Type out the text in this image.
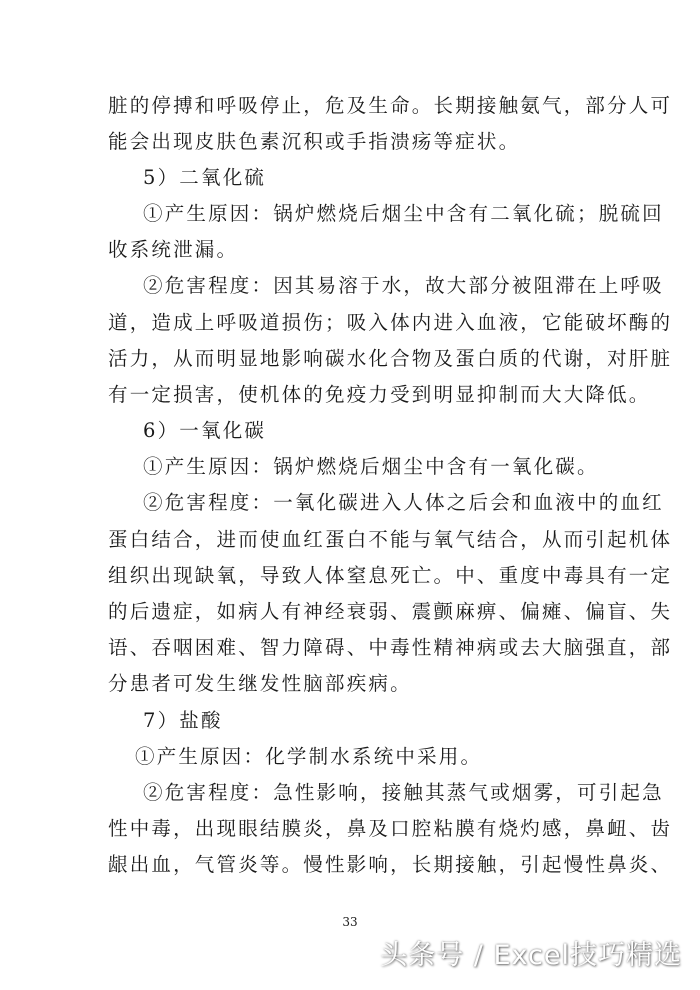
脏的停搏和呼吸停止，危及生命。长期接触氨气，部分人可
能会出现皮肤色素沉积或手指溃疡等症状。
5）二氧化硫
①产生原因：锅炉燃烧后烟尘中含有二氧化硫；脱硫回
收系统泄漏。
②危害程度：因其易溶于水，故大部分被阻滞在上呼吸
道，造成上呼吸道损伤；吸入体内进入血液，它能破坏酶的
活力，从而明显地影响碳水化合物及蛋白质的代谢，对肝脏
有一定损害，使机体的免疫力受到明显抑制而大大降低。
6）一氧化碳
①产生原因：锅炉燃烧后烟尘中含有一氧化碳。
②危害程度：一氧化碳进入人体之后会和血液中的血红
蛋白结合，进而使血红蛋白不能与氧气结合，从而引起机体
组织出现缺氧，导致人体窒息死亡。中、重度中毒具有一定
的后遗症，如病人有神经衰弱、震颤麻痹、偏瘫、偏盲、失
语、吞咽困难、智力障碍、中毒性精神病或去大脑强直，部
分患者可发生继发性脑部疾病。
7）盐酸
①产生原因：化学制水系统中采用。
②危害程度：急性影响，接触其蒸气或烟雾，可引起急
性中毒，出现眼结膜炎，鼻及口腔粘膜有烧灼感，鼻衄、齿
龈出血，气管炎等。慢性影响，长期接触，引起慢性鼻炎、
33
头条号 / Excel技巧精选
